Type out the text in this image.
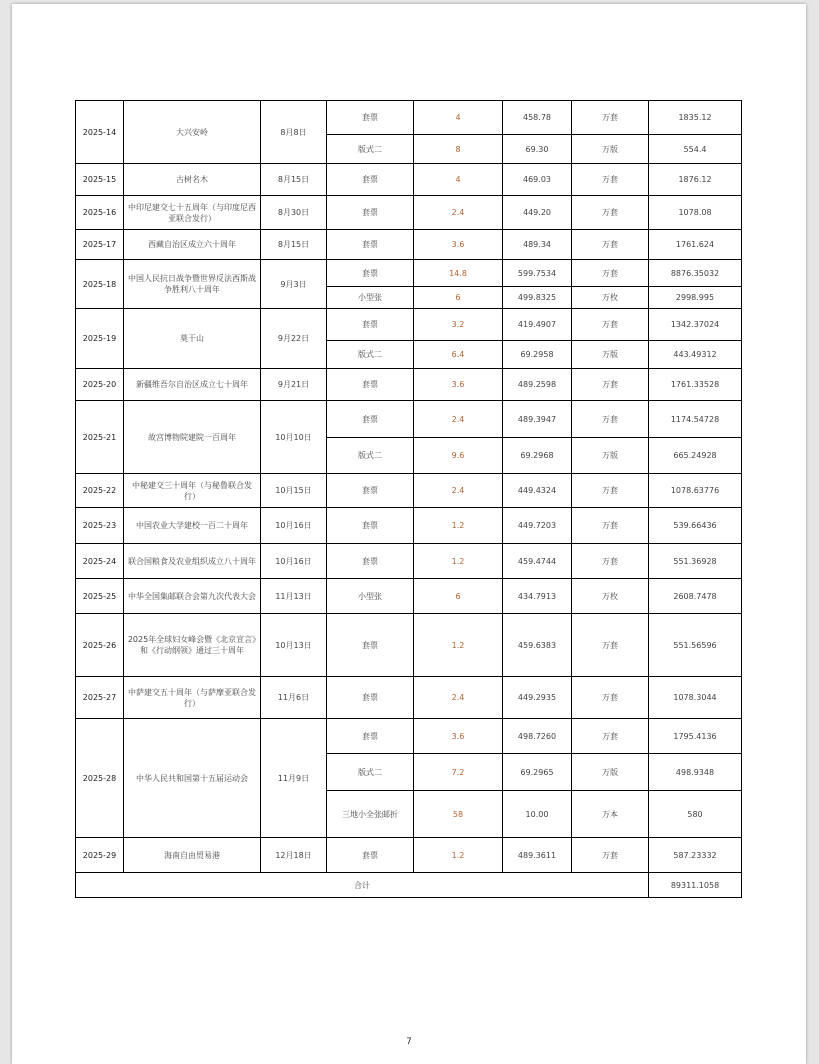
2025-14	大兴安岭	8月8日	套票	4	458.78	万套	1835.12
			版式二	8	69.30	万版	554.4
2025-15	古树名木	8月15日	套票	4	469.03	万套	1876.12
2025-16	中印尼建交七十五周年（与印度尼西亚联合发行）	8月30日	套票	2.4	449.20	万套	1078.08
2025-17	西藏自治区成立六十周年	8月15日	套票	3.6	489.34	万套	1761.624
2025-18	中国人民抗日战争暨世界反法西斯战争胜利八十周年	9月3日	套票	14.8	599.7534	万套	8876.35032
			小型张	6	499.8325	万枚	2998.995
2025-19	莫干山	9月22日	套票	3.2	419.4907	万套	1342.37024
			版式二	6.4	69.2958	万版	443.49312
2025-20	新疆维吾尔自治区成立七十周年	9月21日	套票	3.6	489.2598	万套	1761.33528
2025-21	故宫博物院建院一百周年	10月10日	套票	2.4	489.3947	万套	1174.54728
			版式二	9.6	69.2968	万版	665.24928
2025-22	中秘建交三十周年（与秘鲁联合发行）	10月15日	套票	2.4	449.4324	万套	1078.63776
2025-23	中国农业大学建校一百二十周年	10月16日	套票	1.2	449.7203	万套	539.66436
2025-24	联合国粮食及农业组织成立八十周年	10月16日	套票	1.2	459.4744	万套	551.36928
2025-25	中华全国集邮联合会第九次代表大会	11月13日	小型张	6	434.7913	万枚	2608.7478
2025-26	2025年全球妇女峰会暨《北京宣言》和《行动纲领》通过三十周年	10月13日	套票	1.2	459.6383	万套	551.56596
2025-27	中萨建交五十周年（与萨摩亚联合发行）	11月6日	套票	2.4	449.2935	万套	1078.3044
2025-28	中华人民共和国第十五届运动会	11月9日	套票	3.6	498.7260	万套	1795.4136
			版式二	7.2	69.2965	万版	498.9348
			三地小全张邮折	58	10.00	万本	580
2025-29	海南自由贸易港	12月18日	套票	1.2	489.3611	万套	587.23332
合计							89311.1058
7
